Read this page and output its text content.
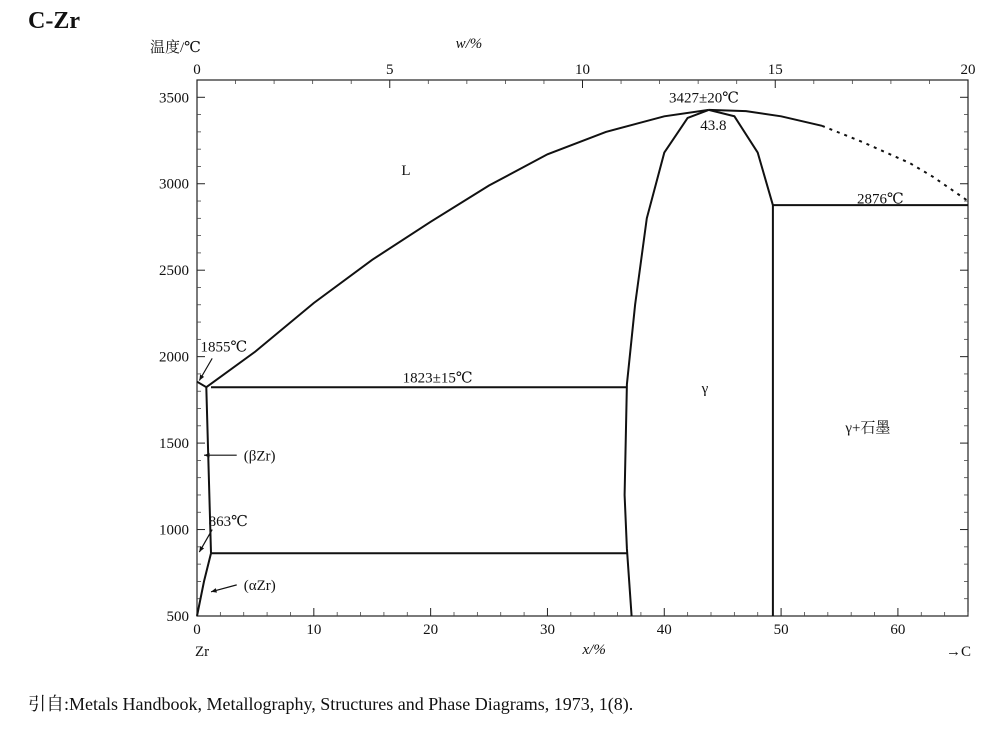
C-Zr
0	10	20	30	40	50	60
0	5	10	15	20
500
1000
1500
2000
2500
3000
3500
温度/℃	w/%
x/%
Zr	→C
L
γ
γ+石墨
(βZr)
(αZr)
3427±20℃
43.8
2876℃
1855℃
1823±15℃
863℃
引自:Metals Handbook, Metallography, Structures and Phase Diagrams, 1973, 1(8).
